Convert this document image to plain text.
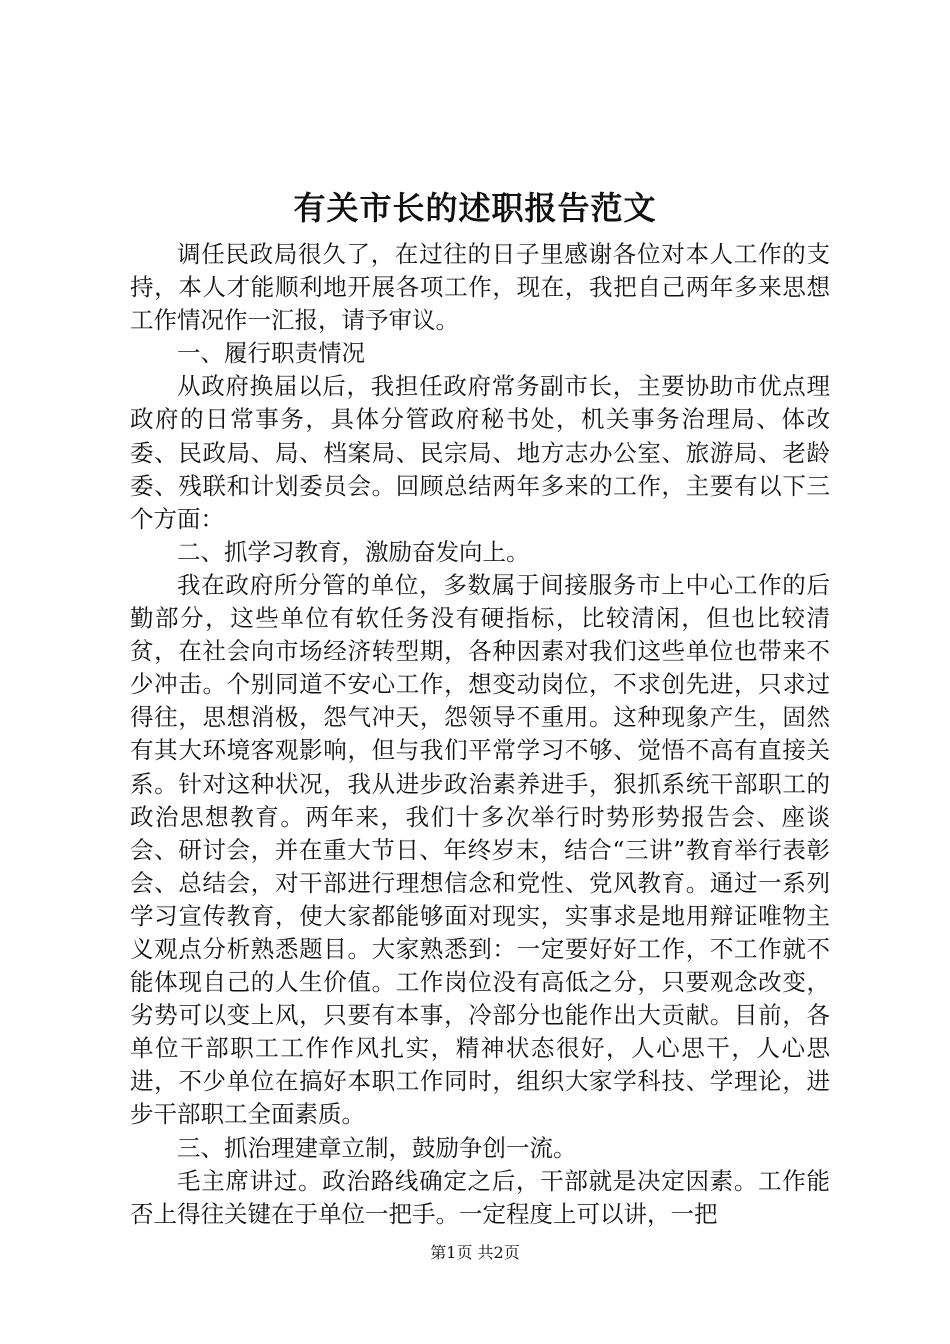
有关市长的述职报告范文

调任民政局很久了，在过往的日子里感谢各位对本人工作的支持，本人才能顺利地开展各项工作，现在，我把自己两年多来思想工作情况作一汇报，请予审议。

一、履行职责情况

从政府换届以后，我担任政府常务副市长，主要协助市优点理政府的日常事务，具体分管政府秘书处，机关事务治理局、体改委、民政局、局、档案局、民宗局、地方志办公室、旅游局、老龄委、残联和计划委员会。回顾总结两年多来的工作，主要有以下三个方面：

二、抓学习教育，激励奋发向上。

我在政府所分管的单位，多数属于间接服务市上中心工作的后勤部分，这些单位有软任务没有硬指标，比较清闲，但也比较清贫，在社会向市场经济转型期，各种因素对我们这些单位也带来不少冲击。个别同道不安心工作，想变动岗位，不求创先进，只求过得往，思想消极，怨气冲天，怨领导不重用。这种现象产生，固然有其大环境客观影响，但与我们平常学习不够、觉悟不高有直接关系。针对这种状况，我从进步政治素养进手，狠抓系统干部职工的政治思想教育。两年来，我们十多次举行时势形势报告会、座谈会、研讨会，并在重大节日、年终岁末，结合“三讲”教育举行表彰会、总结会，对干部进行理想信念和党性、党风教育。通过一系列学习宣传教育，使大家都能够面对现实，实事求是地用辩证唯物主义观点分析熟悉题目。大家熟悉到：一定要好好工作，不工作就不能体现自己的人生价值。工作岗位没有高低之分，只要观念改变，劣势可以变上风，只要有本事，冷部分也能作出大贡献。目前，各单位干部职工工作作风扎实，精神状态很好，人心思干，人心思进，不少单位在搞好本职工作同时，组织大家学科技、学理论，进步干部职工全面素质。

三、抓治理建章立制，鼓励争创一流。

毛主席讲过。政治路线确定之后，干部就是决定因素。工作能否上得往关键在于单位一把手。一定程度上可以讲，一把

第1页 共2页
